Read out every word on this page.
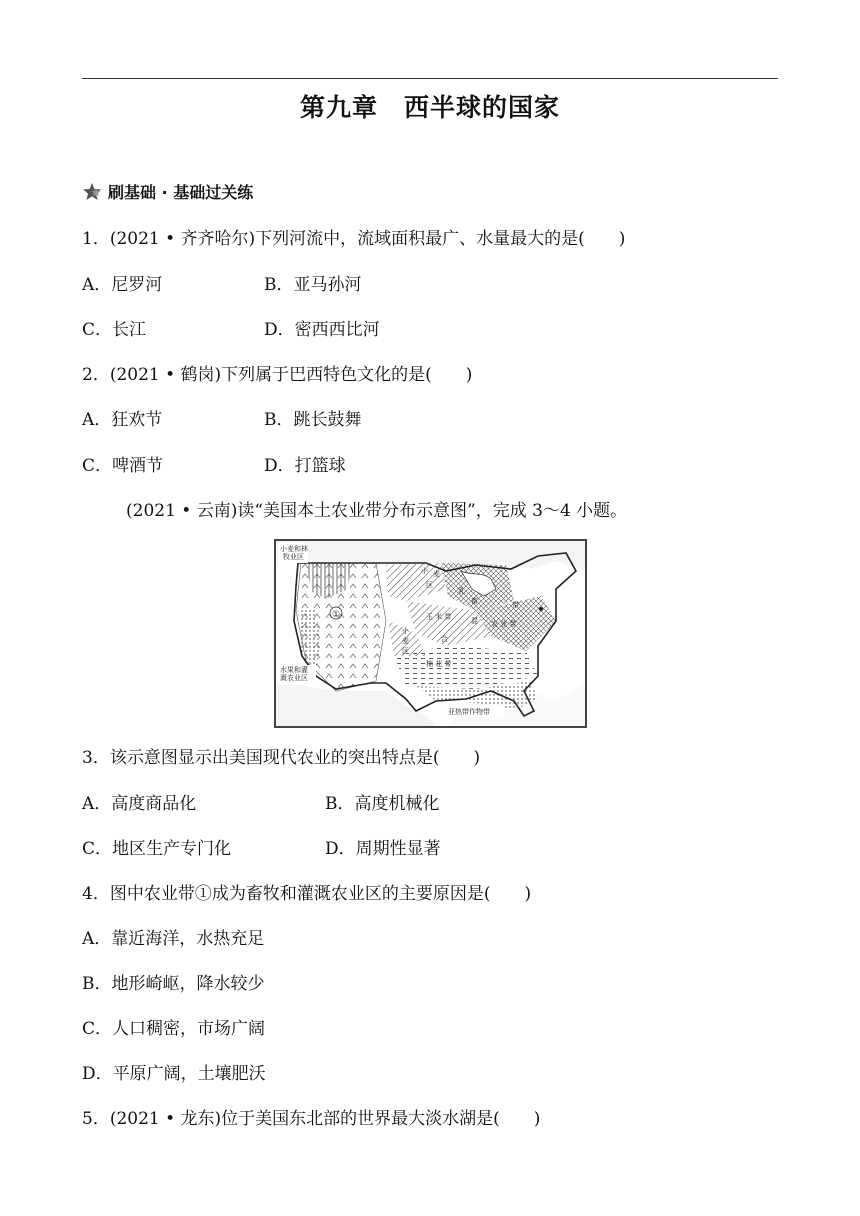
第九章　西半球的国家
刷基础 · 基础过关练
1．(2021 • 齐齐哈尔)下列河流中，流域面积最广、水量最大的是(　　)
A．尼罗河	B．亚马孙河
C．长江	D．密西西比河
2．(2021 • 鹤岗)下列属于巴西特色文化的是(　　)
A．狂欢节	B．跳长鼓舞
C．啤酒节	D．打篮球
(2021 • 云南)读“美国本土农业带分布示意图”，完成 3～4 小题。
小麦和林牧业区
水果和灌溉农业区
①
小 麦
区
乳
畜	带
玉 米 带
小
麦
区
混 农 业 带
合
棉 花 带
亚热带作物带
3．该示意图显示出美国现代农业的突出特点是(　　)
A．高度商品化	B．高度机械化
C．地区生产专门化	D．周期性显著
4．图中农业带①成为畜牧和灌溉农业区的主要原因是(　　)
A．靠近海洋，水热充足
B．地形崎岖，降水较少
C．人口稠密，市场广阔
D．平原广阔，土壤肥沃
5．(2021 • 龙东)位于美国东北部的世界最大淡水湖是(　　)
